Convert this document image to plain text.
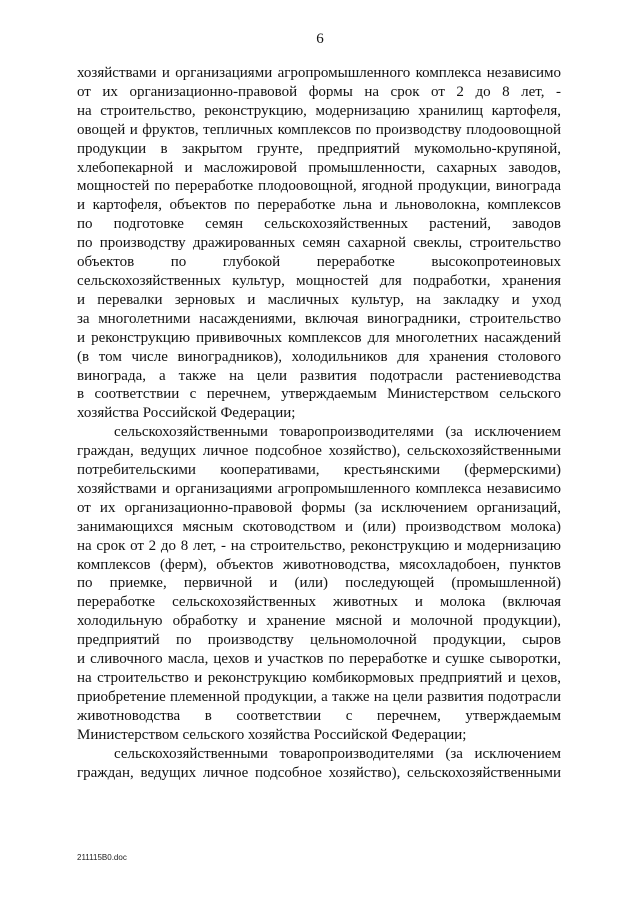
6
хозяйствами и организациями агропромышленного комплекса независимо
от их организационно-правовой формы на срок от 2 до 8 лет, -
на строительство, реконструкцию, модернизацию хранилищ картофеля,
овощей и фруктов, тепличных комплексов по производству плодоовощной
продукции в закрытом грунте, предприятий мукомольно-крупяной,
хлебопекарной и масложировой промышленности, сахарных заводов,
мощностей по переработке плодоовощной, ягодной продукции, винограда
и картофеля, объектов по переработке льна и льноволокна, комплексов
по подготовке семян сельскохозяйственных растений, заводов
по производству дражированных семян сахарной свеклы, строительство
объектов по глубокой переработке высокопротеиновых
сельскохозяйственных культур, мощностей для подработки, хранения
и перевалки зерновых и масличных культур, на закладку и уход
за многолетними насаждениями, включая виноградники, строительство
и реконструкцию прививочных комплексов для многолетних насаждений
(в том числе виноградников), холодильников для хранения столового
винограда, а также на цели развития подотрасли растениеводства
в соответствии с перечнем, утверждаемым Министерством сельского
хозяйства Российской Федерации;
сельскохозяйственными товаропроизводителями (за исключением
граждан, ведущих личное подсобное хозяйство), сельскохозяйственными
потребительскими кооперативами, крестьянскими (фермерскими)
хозяйствами и организациями агропромышленного комплекса независимо
от их организационно-правовой формы (за исключением организаций,
занимающихся мясным скотоводством и (или) производством молока)
на срок от 2 до 8 лет, - на строительство, реконструкцию и модернизацию
комплексов (ферм), объектов животноводства, мясохладобоен, пунктов
по приемке, первичной и (или) последующей (промышленной)
переработке сельскохозяйственных животных и молока (включая
холодильную обработку и хранение мясной и молочной продукции),
предприятий по производству цельномолочной продукции, сыров
и сливочного масла, цехов и участков по переработке и сушке сыворотки,
на строительство и реконструкцию комбикормовых предприятий и цехов,
приобретение племенной продукции, а также на цели развития подотрасли
животноводства в соответствии с перечнем, утверждаемым
Министерством сельского хозяйства Российской Федерации;
сельскохозяйственными товаропроизводителями (за исключением
граждан, ведущих личное подсобное хозяйство), сельскохозяйственными
211115В0.doc
